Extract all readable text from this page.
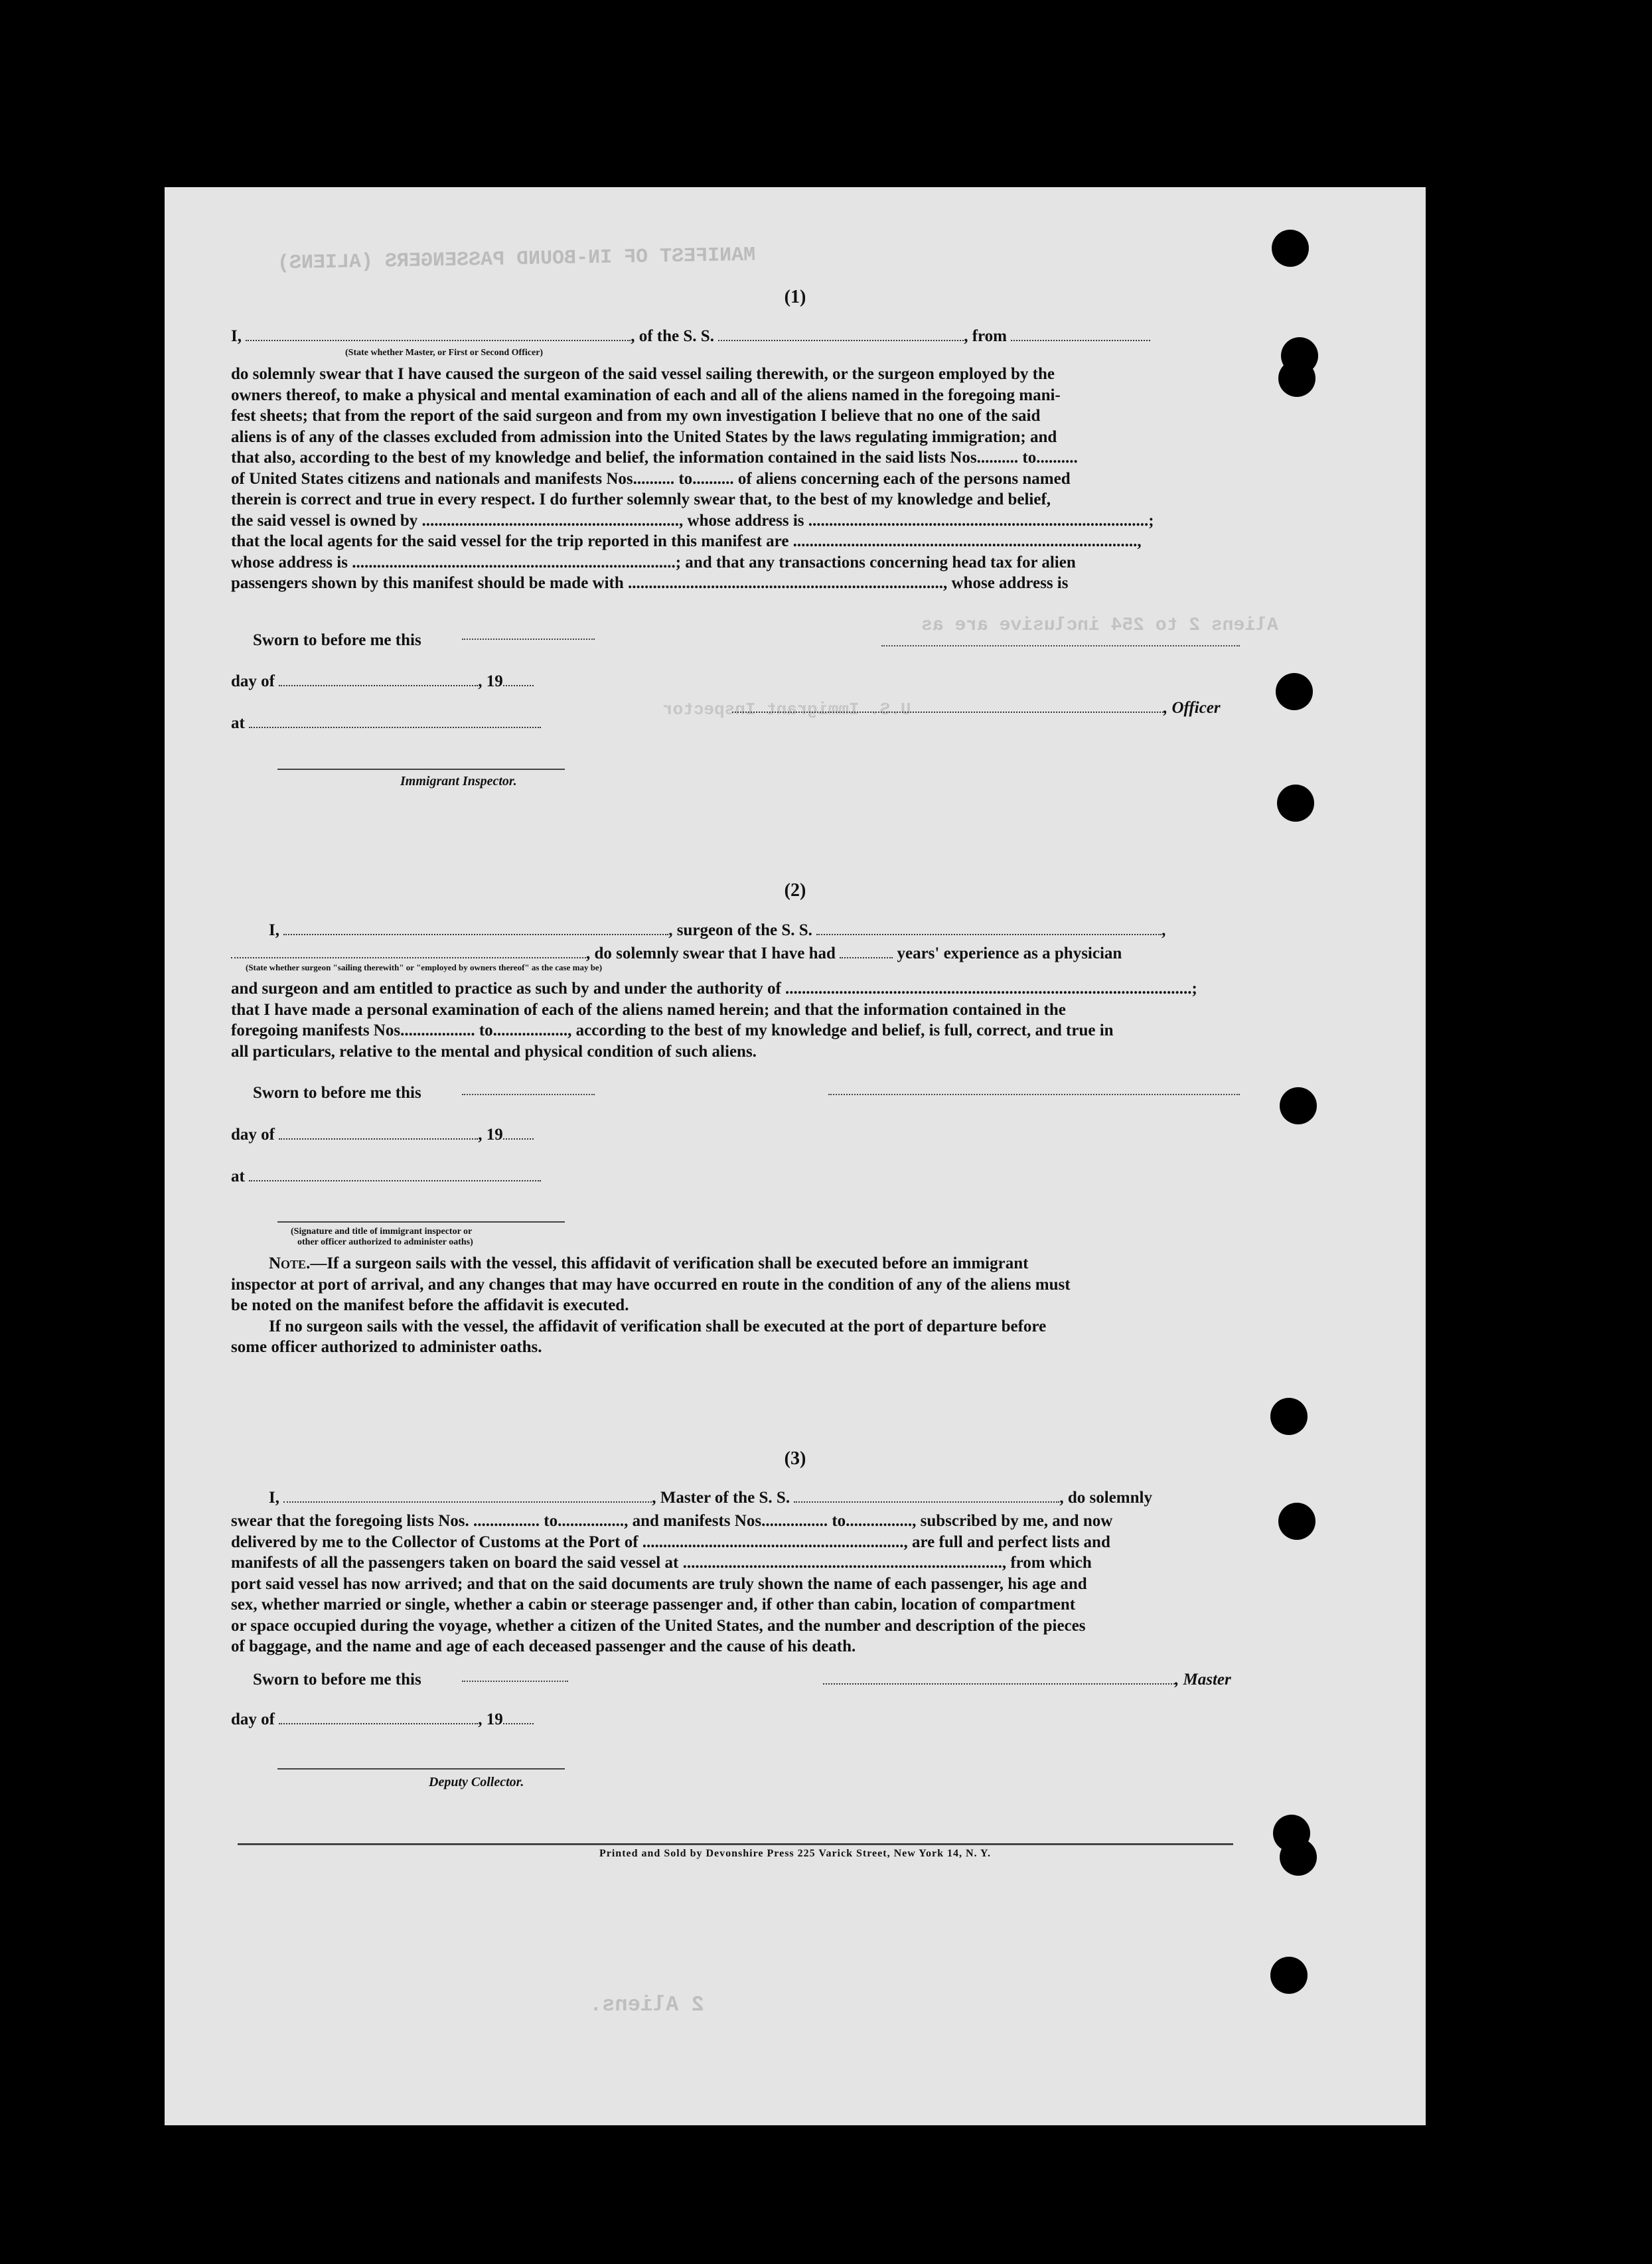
MANIFEST OF IN-BOUND PASSENGERS (ALIENS)
Aliens 2 to 254 inclusive are as
U.S. Immigrant Inspector
2 Aliens.
(1)
I,	, of the S. S.	, from
(State whether Master, or First or Second Officer)
do solemnly swear that I have caused the surgeon of the said vessel sailing therewith, or the surgeon employed by the
owners thereof, to make a physical and mental examination of each and all of the aliens named in the foregoing mani-
fest sheets; that from the report of the said surgeon and from my own investigation I believe that no one of the said
aliens is of any of the classes excluded from admission into the United States by the laws regulating immigration; and
that also, according to the best of my knowledge and belief, the information contained in the said lists Nos.......... to..........
of United States citizens and nationals and manifests Nos.......... to.......... of aliens concerning each of the persons named
therein is correct and true in every respect. I do further solemnly swear that, to the best of my knowledge and belief,
the said vessel is owned by .............................................................., whose address is ..................................................................................;
that the local agents for the said vessel for the trip reported in this manifest are ...................................................................................,
whose address is ..............................................................................; and that any transactions concerning head tax for alien
passengers shown by this manifest should be made with ............................................................................, whose address is
Sworn to before me this
day of	, 19
at
, Officer
Immigrant Inspector.
(2)
I,	, surgeon of the S. S.	,
, do solemnly swear that I have had	years' experience as a physician
(State whether surgeon "sailing therewith" or "employed by owners thereof" as the case may be)
and surgeon and am entitled to practice as such by and under the authority of ..................................................................................................;
that I have made a personal examination of each of the aliens named herein; and that the information contained in the
foregoing manifests Nos.................. to.................., according to the best of my knowledge and belief, is full, correct, and true in
all particulars, relative to the mental and physical condition of such aliens.
Sworn to before me this
day of	, 19
at
(Signature and title of immigrant inspector or
other officer authorized to administer oaths)
Note.—If a surgeon sails with the vessel, this affidavit of verification shall be executed before an immigrant
inspector at port of arrival, and any changes that may have occurred en route in the condition of any of the aliens must
be noted on the manifest before the affidavit is executed.
If no surgeon sails with the vessel, the affidavit of verification shall be executed at the port of departure before
some officer authorized to administer oaths.
(3)
I,	, Master of the S. S.	, do solemnly
swear that the foregoing lists Nos. ................ to................, and manifests Nos................ to................, subscribed by me, and now
delivered by me to the Collector of Customs at the Port of ..............................................................., are full and perfect lists and
manifests of all the passengers taken on board the said vessel at ............................................................................., from which
port said vessel has now arrived; and that on the said documents are truly shown the name of each passenger, his age and
sex, whether married or single, whether a cabin or steerage passenger and, if other than cabin, location of compartment
or space occupied during the voyage, whether a citizen of the United States, and the number and description of the pieces
of baggage, and the name and age of each deceased passenger and the cause of his death.
Sworn to before me this	, Master
day of	, 19
Deputy Collector.
Printed and Sold by Devonshire Press 225 Varick Street, New York 14, N. Y.
